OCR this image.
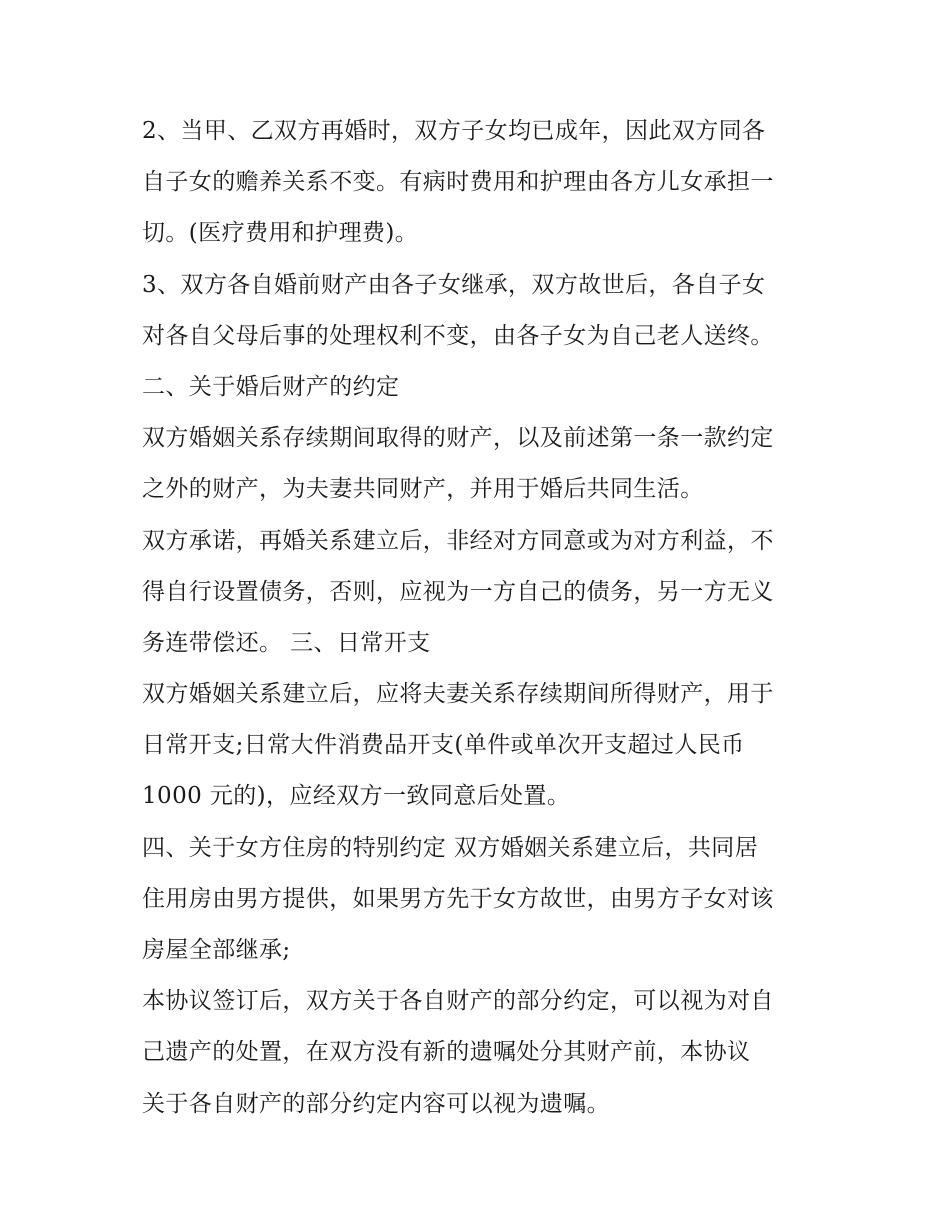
2、当甲、乙双方再婚时，双方子女均已成年，因此双方同各
自子女的赡养关系不变。有病时费用和护理由各方儿女承担一
切。(医疗费用和护理费)。
3、双方各自婚前财产由各子女继承，双方故世后，各自子女
对各自父母后事的处理权利不变，由各子女为自己老人送终。
二、关于婚后财产的约定
双方婚姻关系存续期间取得的财产，以及前述第一条一款约定
之外的财产，为夫妻共同财产，并用于婚后共同生活。
双方承诺，再婚关系建立后，非经对方同意或为对方利益，不
得自行设置债务，否则，应视为一方自己的债务，另一方无义
务连带偿还。 三、日常开支
双方婚姻关系建立后，应将夫妻关系存续期间所得财产，用于
日常开支;日常大件消费品开支(单件或单次开支超过人民币
1000 元的)，应经双方一致同意后处置。
四、关于女方住房的特别约定 双方婚姻关系建立后，共同居
住用房由男方提供，如果男方先于女方故世，由男方子女对该
房屋全部继承;
本协议签订后，双方关于各自财产的部分约定，可以视为对自
己遗产的处置，在双方没有新的遗嘱处分其财产前，本协议
关于各自财产的部分约定内容可以视为遗嘱。
